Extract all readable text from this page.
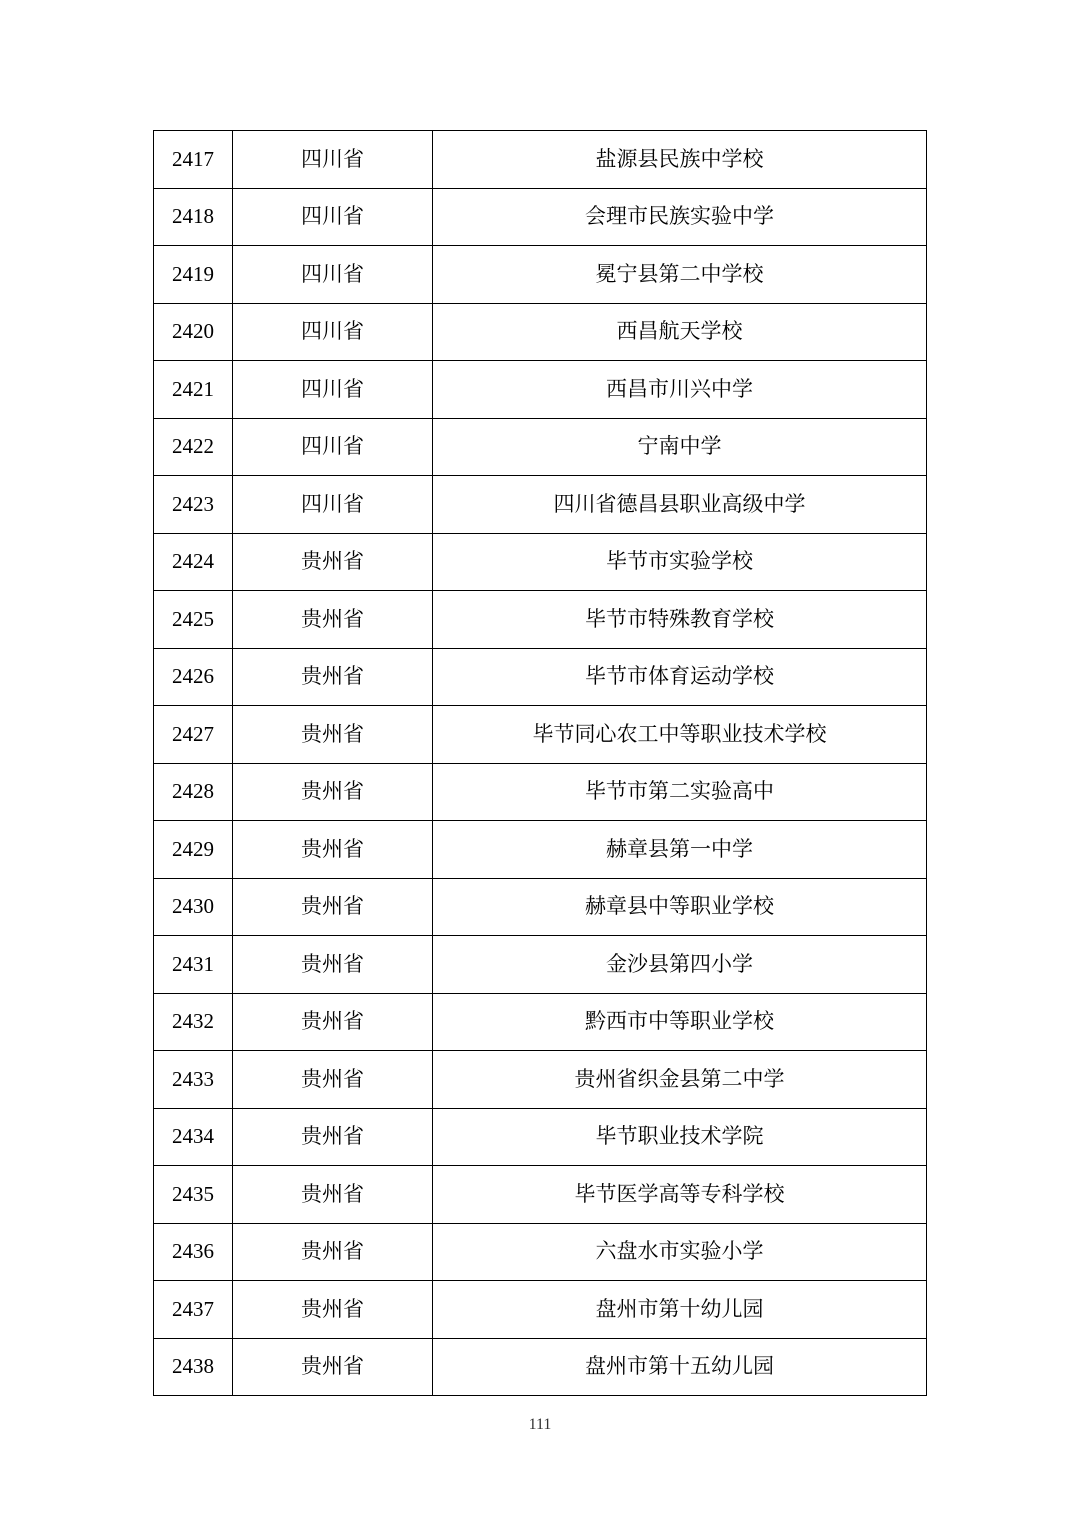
2417	四川省	盐源县民族中学校
2418	四川省	会理市民族实验中学
2419	四川省	冕宁县第二中学校
2420	四川省	西昌航天学校
2421	四川省	西昌市川兴中学
2422	四川省	宁南中学
2423	四川省	四川省德昌县职业高级中学
2424	贵州省	毕节市实验学校
2425	贵州省	毕节市特殊教育学校
2426	贵州省	毕节市体育运动学校
2427	贵州省	毕节同心农工中等职业技术学校
2428	贵州省	毕节市第二实验高中
2429	贵州省	赫章县第一中学
2430	贵州省	赫章县中等职业学校
2431	贵州省	金沙县第四小学
2432	贵州省	黔西市中等职业学校
2433	贵州省	贵州省织金县第二中学
2434	贵州省	毕节职业技术学院
2435	贵州省	毕节医学高等专科学校
2436	贵州省	六盘水市实验小学
2437	贵州省	盘州市第十幼儿园
2438	贵州省	盘州市第十五幼儿园
111
